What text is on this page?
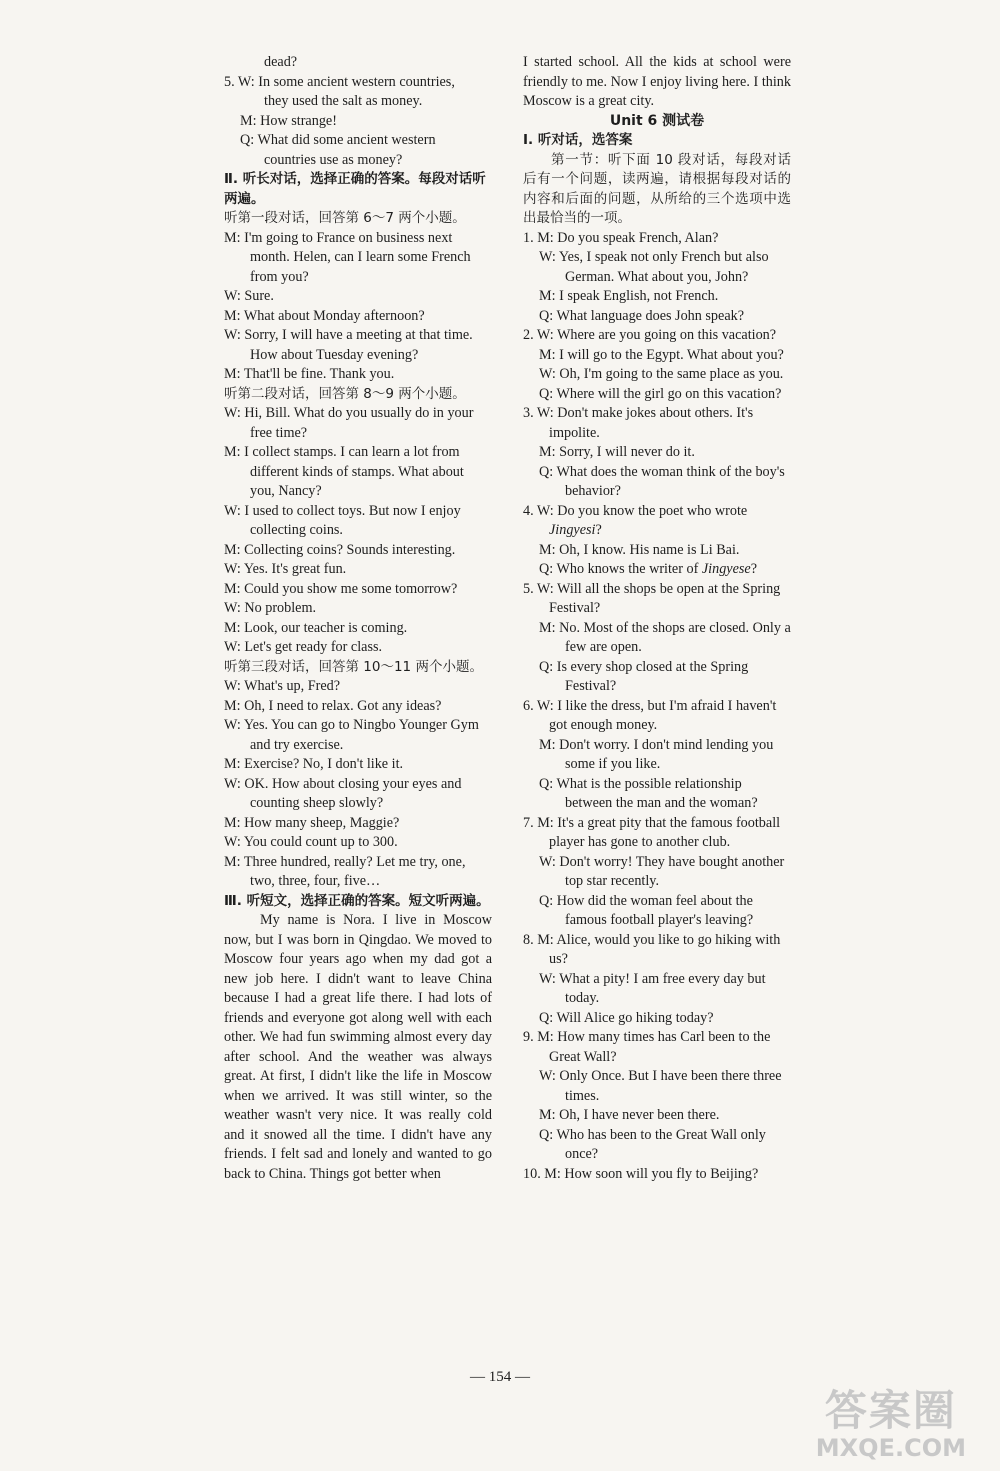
dead?
5. W: In some ancient western countries,
they used the salt as money.
M: How strange!
Q: What did some ancient western
countries use as money?
Ⅱ. 听长对话，选择正确的答案。每段对话听两遍。
听第一段对话，回答第 6～7 两个小题。
M: I'm going to France on business next month. Helen, can I learn some French from you?
W: Sure.
M: What about Monday afternoon?
W: Sorry, I will have a meeting at that time. How about Tuesday evening?
M: That'll be fine. Thank you.
听第二段对话，回答第 8～9 两个小题。
W: Hi, Bill. What do you usually do in your free time?
M: I collect stamps. I can learn a lot from different kinds of stamps. What about you, Nancy?
W: I used to collect toys. But now I enjoy collecting coins.
M: Collecting coins? Sounds interesting.
W: Yes. It's great fun.
M: Could you show me some tomorrow?
W: No problem.
M: Look, our teacher is coming.
W: Let's get ready for class.
听第三段对话，回答第 10～11 两个小题。
W: What's up, Fred?
M: Oh, I need to relax. Got any ideas?
W: Yes. You can go to Ningbo Younger Gym and try exercise.
M: Exercise? No, I don't like it.
W: OK. How about closing your eyes and counting sheep slowly?
M: How many sheep, Maggie?
W: You could count up to 300.
M: Three hundred, really? Let me try, one, two, three, four, five…
Ⅲ. 听短文，选择正确的答案。短文听两遍。
My name is Nora. I live in Moscow now, but I was born in Qingdao. We moved to Moscow four years ago when my dad got a new job here. I didn't want to leave China because I had a great life there. I had lots of friends and everyone got along well with each other. We had fun swimming almost every day after school. And the weather was always great. At first, I didn't like the life in Moscow when we arrived. It was still winter, so the weather wasn't very nice. It was really cold and it snowed all the time. I didn't have any friends. I felt sad and lonely and wanted to go back to China. Things got better when
I started school. All the kids at school were friendly to me. Now I enjoy living here. I think Moscow is a great city.
Unit 6 测试卷
Ⅰ. 听对话，选答案
第一节：听下面 10 段对话，每段对话后有一个问题，读两遍，请根据每段对话的内容和后面的问题，从所给的三个选项中选出最恰当的一项。
1. M: Do you speak French, Alan?
W: Yes, I speak not only French but also German. What about you, John?
M: I speak English, not French.
Q: What language does John speak?
2. W: Where are you going on this vacation?
M: I will go to the Egypt. What about you?
W: Oh, I'm going to the same place as you.
Q: Where will the girl go on this vacation?
3. W: Don't make jokes about others. It's impolite.
M: Sorry, I will never do it.
Q: What does the woman think of the boy's behavior?
4. W: Do you know the poet who wrote Jingyesi?
M: Oh, I know. His name is Li Bai.
Q: Who knows the writer of Jingyese?
5. W: Will all the shops be open at the Spring Festival?
M: No. Most of the shops are closed. Only a few are open.
Q: Is every shop closed at the Spring Festival?
6. W: I like the dress, but I'm afraid I haven't got enough money.
M: Don't worry. I don't mind lending you some if you like.
Q: What is the possible relationship between the man and the woman?
7. M: It's a great pity that the famous football player has gone to another club.
W: Don't worry! They have bought another top star recently.
Q: How did the woman feel about the famous football player's leaving?
8. M: Alice, would you like to go hiking with us?
W: What a pity! I am free every day but today.
Q: Will Alice go hiking today?
9. M: How many times has Carl been to the Great Wall?
W: Only Once. But I have been there three times.
M: Oh, I have never been there.
Q: Who has been to the Great Wall only once?
10. M: How soon will you fly to Beijing?
— 154 —
答案圈
MXQE.COM
